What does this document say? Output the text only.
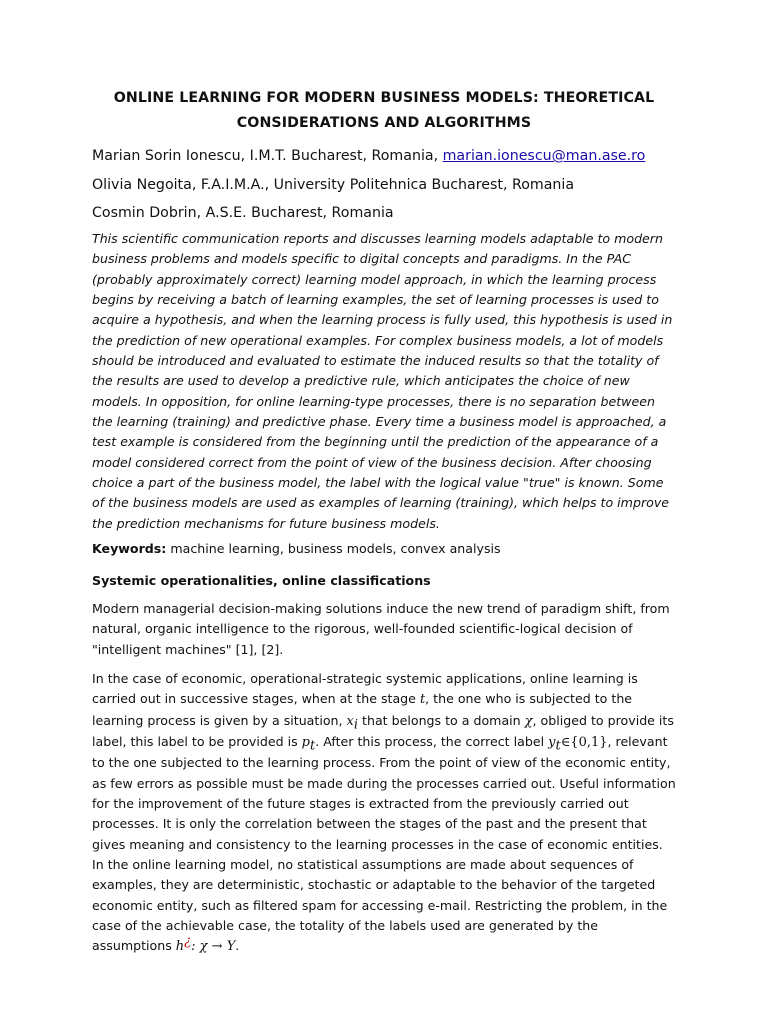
ONLINE LEARNING FOR MODERN BUSINESS MODELS: THEORETICAL CONSIDERATIONS AND ALGORITHMS
Marian Sorin Ionescu, I.M.T. Bucharest, Romania, marian.ionescu@man.ase.ro
Olivia Negoita, F.A.I.M.A., University Politehnica Bucharest, Romania
Cosmin Dobrin, A.S.E. Bucharest, Romania
This scientific communication reports and discusses learning models adaptable to modern business problems and models specific to digital concepts and paradigms. In the PAC (probably approximately correct) learning model approach, in which the learning process begins by receiving a batch of learning examples, the set of learning processes is used to acquire a hypothesis, and when the learning process is fully used, this hypothesis is used in the prediction of new operational examples. For complex business models, a lot of models should be introduced and evaluated to estimate the induced results so that the totality of the results are used to develop a predictive rule, which anticipates the choice of new models. In opposition, for online learning-type processes, there is no separation between the learning (training) and predictive phase. Every time a business model is approached, a test example is considered from the beginning until the prediction of the appearance of a model considered correct from the point of view of the business decision. After choosing choice a part of the business model, the label with the logical value "true" is known. Some of the business models are used as examples of learning (training), which helps to improve the prediction mechanisms for future business models.
Keywords: machine learning, business models, convex analysis
Systemic operationalities, online classifications
Modern managerial decision-making solutions induce the new trend of paradigm shift, from natural, organic intelligence to the rigorous, well-founded scientific-logical decision of "intelligent machines" [1], [2].
In the case of economic, operational-strategic systemic applications, online learning is carried out in successive stages, when at the stage t, the one who is subjected to the learning process is given by a situation, $x_i$ that belongs to a domain χ, obliged to provide its label, this label to be provided is $p_t$. After this process, the correct label $y_t\in\{0,1\}$, relevant to the one subjected to the learning process. From the point of view of the economic entity, as few errors as possible must be made during the processes carried out. Useful information for the improvement of the future stages is extracted from the previously carried out processes. It is only the correlation between the stages of the past and the present that gives meaning and consistency to the learning processes in the case of economic entities. In the online learning model, no statistical assumptions are made about sequences of examples, they are deterministic, stochastic or adaptable to the behavior of the targeted economic entity, such as filtered spam for accessing e-mail. Restricting the problem, in the case of the achievable case, the totality of the labels used are generated by the assumptions h¿: χ → Y.
